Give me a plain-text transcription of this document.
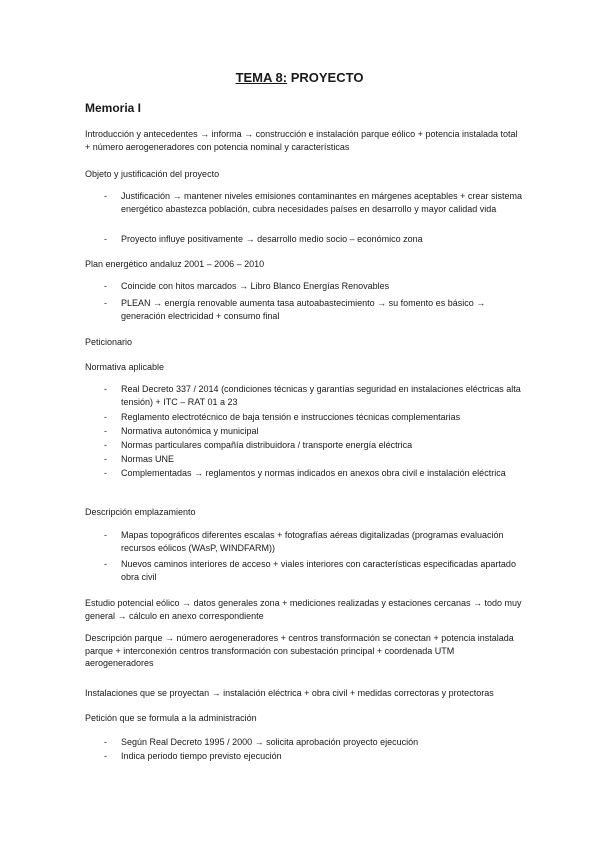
TEMA 8: PROYECTO
Memoria I
Introducción y antecedentes → informa → construcción e instalación parque eólico + potencia instalada total + número aerogeneradores con potencia nominal y características
Objeto y justificación del proyecto
- Justificación → mantener niveles emisiones contaminantes en márgenes aceptables + crear sistema energético abastezca población, cubra necesidades países en desarrollo y mayor calidad vida
- Proyecto influye positivamente → desarrollo medio socio – económico zona
Plan energético andaluz 2001 – 2006 – 2010
- Coincide con hitos marcados → Libro Blanco Energías Renovables
- PLEAN → energía renovable aumenta tasa autoabastecimiento → su fomento es básico → generación electricidad + consumo final
Peticionario
Normativa aplicable
- Real Decreto 337 / 2014 (condiciones técnicas y garantías seguridad en instalaciones eléctricas alta tensión) + ITC – RAT 01 a 23
- Reglamento electrotécnico de baja tensión e instrucciones técnicas complementarias
- Normativa autonómica y municipal
- Normas particulares compañía distribuidora / transporte energía eléctrica
- Normas UNE
- Complementadas → reglamentos y normas indicados en anexos obra civil e instalación eléctrica
Descripción emplazamiento
- Mapas topográficos diferentes escalas + fotografías aéreas digitalizadas (programas evaluación recursos eólicos (WAsP, WINDFARM))
- Nuevos caminos interiores de acceso + viales interiores con características especificadas apartado obra civil
Estudio potencial eólico → datos generales zona + mediciones realizadas y estaciones cercanas → todo muy general → cálculo en anexo correspondiente
Descripción parque → número aerogeneradores + centros transformación se conectan + potencia instalada parque + interconexión centros transformación con subestación principal + coordenada UTM aerogeneradores
Instalaciones que se proyectan → instalación eléctrica + obra civil + medidas correctoras y protectoras
Petición que se formula a la administración
- Según Real Decreto 1995 / 2000 → solicita aprobación proyecto ejecución
- Indica periodo tiempo previsto ejecución
